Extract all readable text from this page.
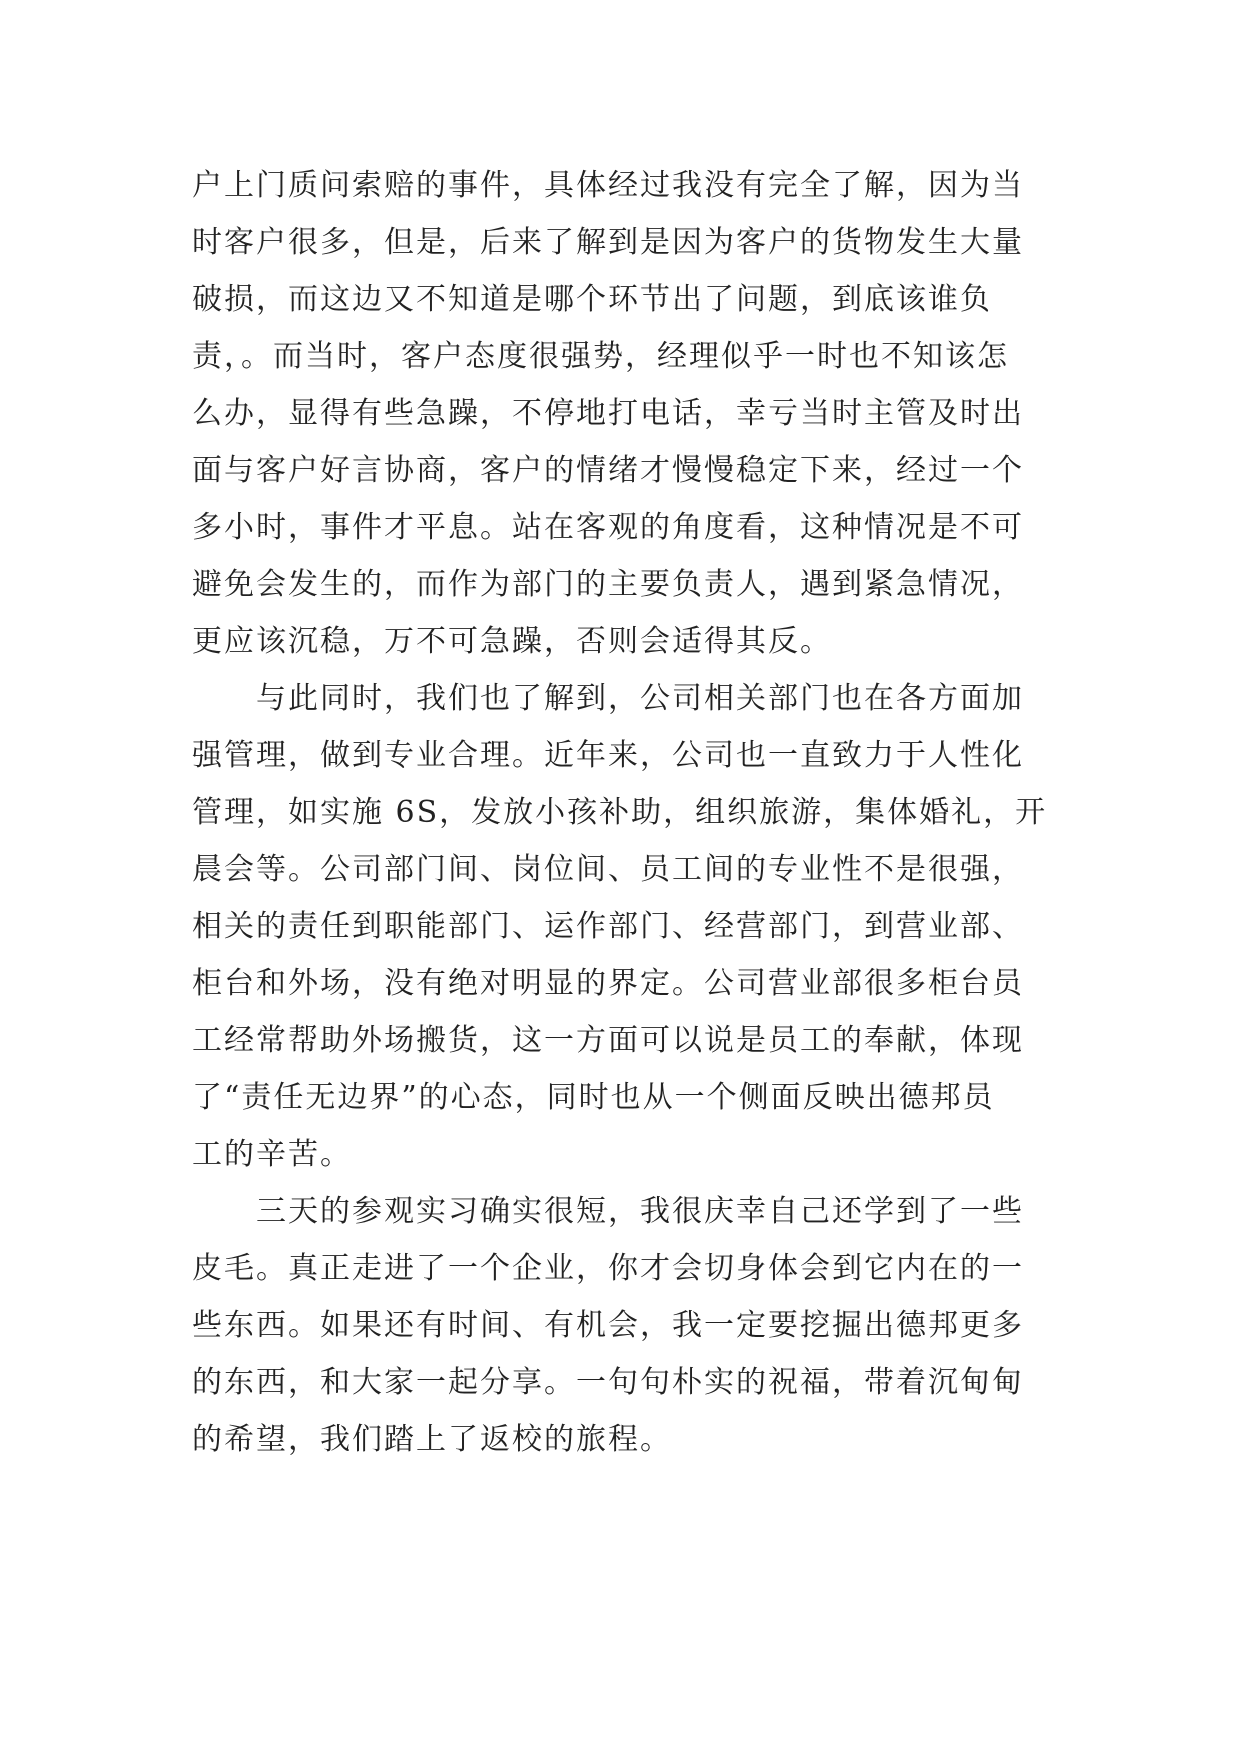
户上门质问索赔的事件，具体经过我没有完全了解，因为当
时客户很多，但是，后来了解到是因为客户的货物发生大量
破损，而这边又不知道是哪个环节出了问题，到底该谁负
责，。而当时，客户态度很强势，经理似乎一时也不知该怎
么办，显得有些急躁，不停地打电话，幸亏当时主管及时出
面与客户好言协商，客户的情绪才慢慢稳定下来，经过一个
多小时，事件才平息。站在客观的角度看，这种情况是不可
避免会发生的，而作为部门的主要负责人，遇到紧急情况，
更应该沉稳，万不可急躁，否则会适得其反。
与此同时，我们也了解到，公司相关部门也在各方面加
强管理，做到专业合理。近年来，公司也一直致力于人性化
管理，如实施 6S，发放小孩补助，组织旅游，集体婚礼，开
晨会等。公司部门间、岗位间、员工间的专业性不是很强，
相关的责任到职能部门、运作部门、经营部门，到营业部、
柜台和外场，没有绝对明显的界定。公司营业部很多柜台员
工经常帮助外场搬货，这一方面可以说是员工的奉献，体现
了“责任无边界”的心态，同时也从一个侧面反映出德邦员
工的辛苦。
三天的参观实习确实很短，我很庆幸自己还学到了一些
皮毛。真正走进了一个企业，你才会切身体会到它内在的一
些东西。如果还有时间、有机会，我一定要挖掘出德邦更多
的东西，和大家一起分享。一句句朴实的祝福，带着沉甸甸
的希望，我们踏上了返校的旅程。
